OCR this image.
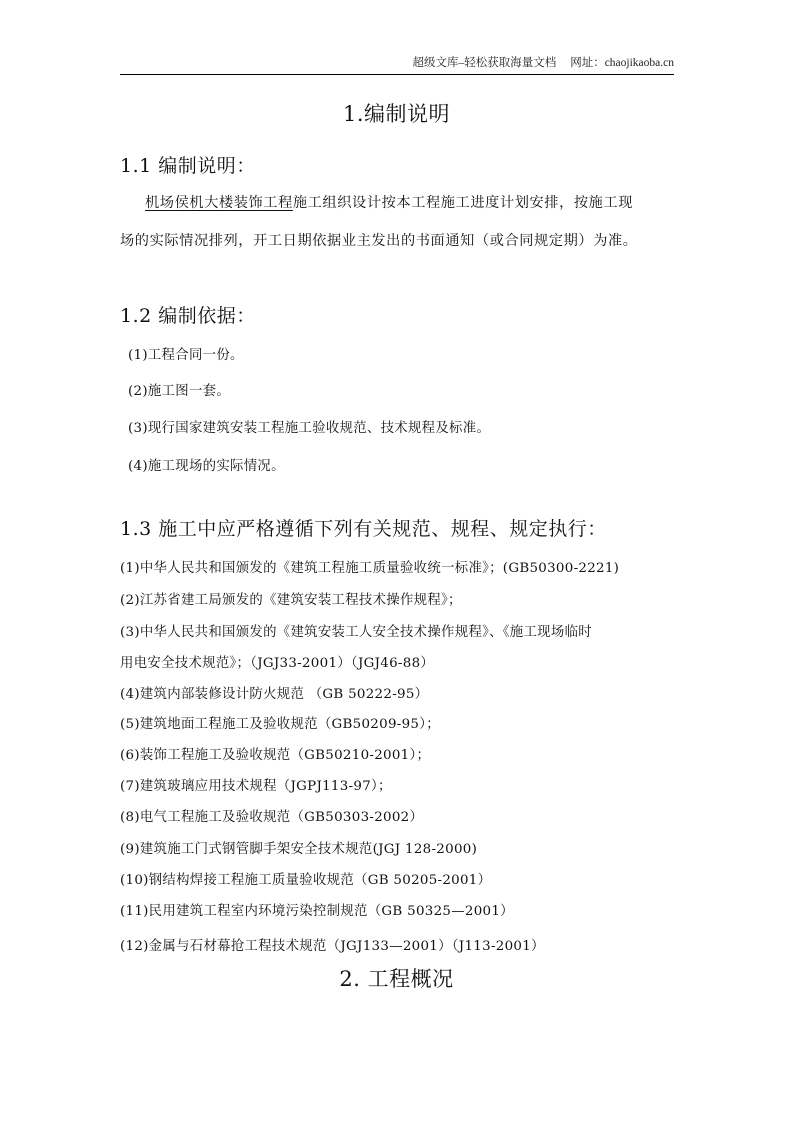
超级文库–轻松获取海量文档 网址：chaojikaoba.cn
1.编制说明
1.1 编制说明：
机场侯机大楼装饰工程施工组织设计按本工程施工进度计划安排，按施工现
场的实际情况排列，开工日期依据业主发出的书面通知（或合同规定期）为准。
1.2 编制依据：
(1)工程合同一份。
(2)施工图一套。
(3)现行国家建筑安装工程施工验收规范、技术规程及标准。
(4)施工现场的实际情况。
1.3 施工中应严格遵循下列有关规范、规程、规定执行：
(1)中华人民共和国颁发的《建筑工程施工质量验收统一标准》；(GB50300-2221)
(2)江苏省建工局颁发的《建筑安装工程技术操作规程》；
(3)中华人民共和国颁发的《建筑安装工人安全技术操作规程》、《施工现场临时
用电安全技术规范》；（JGJ33-2001）（JGJ46-88）
(4)建筑内部装修设计防火规范 （GB 50222-95）
(5)建筑地面工程施工及验收规范（GB50209-95）；
(6)装饰工程施工及验收规范（GB50210-2001）；
(7)建筑玻璃应用技术规程（JGPJ113-97）；
(8)电气工程施工及验收规范（GB50303-2002）
(9)建筑施工门式钢管脚手架安全技术规范(JGJ 128-2000)
(10)钢结构焊接工程施工质量验收规范（GB 50205-2001）
(11)民用建筑工程室内环境污染控制规范（GB 50325—2001）
(12)金属与石材幕抢工程技术规范（JGJ133—2001）（J113-2001）
2. 工程概况
